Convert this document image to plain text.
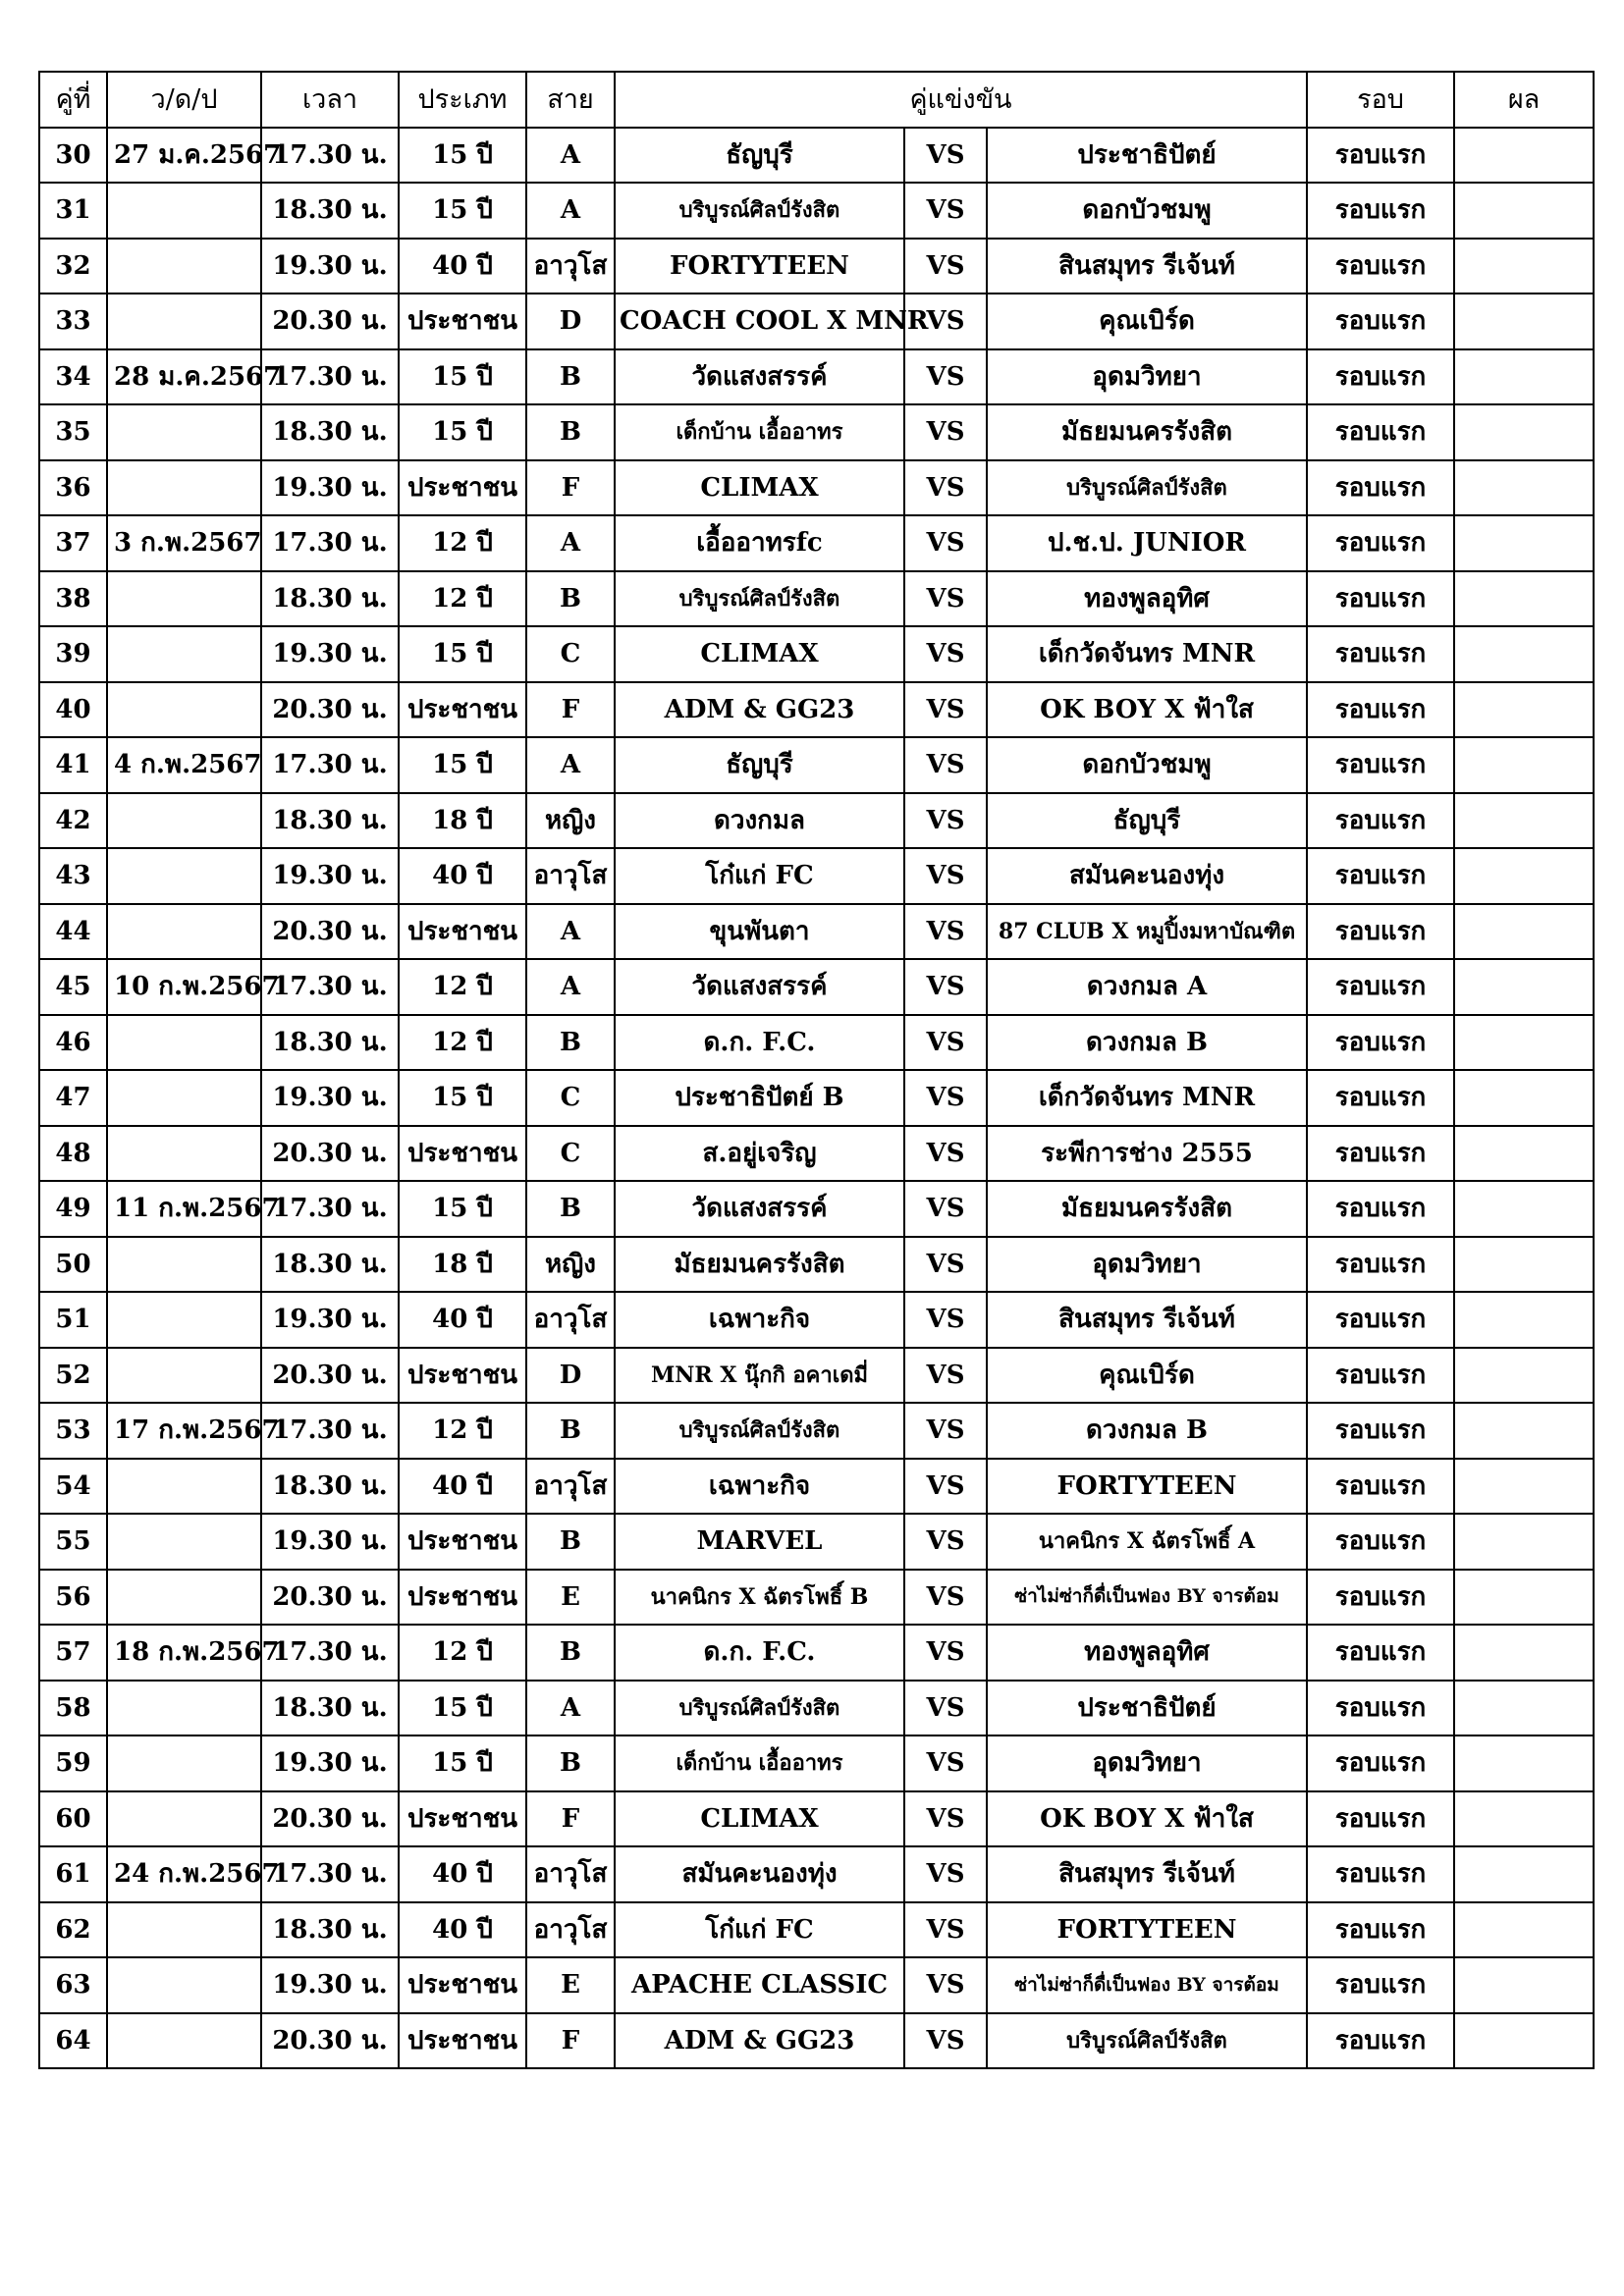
คู่ที่	ว/ด/ป	เวลา	ประเภท	สาย	คู่แข่งขัน			รอบ	ผล
30	27 ม.ค.2567	17.30 น.	15 ปี	A	ธัญบุรี	VS	ประชาธิปัตย์	รอบแรก	
31		18.30 น.	15 ปี	A	บริบูรณ์ศิลป์รังสิต	VS	ดอกบัวชมพู	รอบแรก	
32		19.30 น.	40 ปี	อาวุโส	FORTYTEEN	VS	สินสมุทร รีเจ้นท์	รอบแรก	
33		20.30 น.	ประชาชน	D	COACH COOL X MNR	VS	คุณเบิร์ด	รอบแรก	
34	28 ม.ค.2567	17.30 น.	15 ปี	B	วัดแสงสรรค์	VS	อุดมวิทยา	รอบแรก	
35		18.30 น.	15 ปี	B	เด็กบ้าน เอื้ออาทร	VS	มัธยมนครรังสิต	รอบแรก	
36		19.30 น.	ประชาชน	F	CLIMAX	VS	บริบูรณ์ศิลป์รังสิต	รอบแรก	
37	3 ก.พ.2567	17.30 น.	12 ปี	A	เอื้ออาทรfc	VS	ป.ช.ป. JUNIOR	รอบแรก	
38		18.30 น.	12 ปี	B	บริบูรณ์ศิลป์รังสิต	VS	ทองพูลอุทิศ	รอบแรก	
39		19.30 น.	15 ปี	C	CLIMAX	VS	เด็กวัดจันทร MNR	รอบแรก	
40		20.30 น.	ประชาชน	F	ADM & GG23	VS	OK BOY X ฟ้าใส	รอบแรก	
41	4 ก.พ.2567	17.30 น.	15 ปี	A	ธัญบุรี	VS	ดอกบัวชมพู	รอบแรก	
42		18.30 น.	18 ปี	หญิง	ดวงกมล	VS	ธัญบุรี	รอบแรก	
43		19.30 น.	40 ปี	อาวุโส	โก๋แก่ FC	VS	สมันคะนองทุ่ง	รอบแรก	
44		20.30 น.	ประชาชน	A	ขุนพันตา	VS	87 CLUB X หมูปิ้งมหาบัณฑิต	รอบแรก	
45	10 ก.พ.2567	17.30 น.	12 ปี	A	วัดแสงสรรค์	VS	ดวงกมล A	รอบแรก	
46		18.30 น.	12 ปี	B	ด.ก. F.C.	VS	ดวงกมล B	รอบแรก	
47		19.30 น.	15 ปี	C	ประชาธิปัตย์ B	VS	เด็กวัดจันทร MNR	รอบแรก	
48		20.30 น.	ประชาชน	C	ส.อยู่เจริญ	VS	ระพีการช่าง 2555	รอบแรก	
49	11 ก.พ.2567	17.30 น.	15 ปี	B	วัดแสงสรรค์	VS	มัธยมนครรังสิต	รอบแรก	
50		18.30 น.	18 ปี	หญิง	มัธยมนครรังสิต	VS	อุดมวิทยา	รอบแรก	
51		19.30 น.	40 ปี	อาวุโส	เฉพาะกิจ	VS	สินสมุทร รีเจ้นท์	รอบแรก	
52		20.30 น.	ประชาชน	D	MNR X นุ๊กกิ อคาเดมี่	VS	คุณเบิร์ด	รอบแรก	
53	17 ก.พ.2567	17.30 น.	12 ปี	B	บริบูรณ์ศิลป์รังสิต	VS	ดวงกมล B	รอบแรก	
54		18.30 น.	40 ปี	อาวุโส	เฉพาะกิจ	VS	FORTYTEEN	รอบแรก	
55		19.30 น.	ประชาชน	B	MARVEL	VS	นาคนิกร X ฉัตรโพธิ์ A	รอบแรก	
56		20.30 น.	ประชาชน	E	นาคนิกร X ฉัตรโพธิ์ B	VS	ซ่าไม่ซ่าก็ดื่เป็นฟอง BY จารต้อม	รอบแรก	
57	18 ก.พ.2567	17.30 น.	12 ปี	B	ด.ก. F.C.	VS	ทองพูลอุทิศ	รอบแรก	
58		18.30 น.	15 ปี	A	บริบูรณ์ศิลป์รังสิต	VS	ประชาธิปัตย์	รอบแรก	
59		19.30 น.	15 ปี	B	เด็กบ้าน เอื้ออาทร	VS	อุดมวิทยา	รอบแรก	
60		20.30 น.	ประชาชน	F	CLIMAX	VS	OK BOY X ฟ้าใส	รอบแรก	
61	24 ก.พ.2567	17.30 น.	40 ปี	อาวุโส	สมันคะนองทุ่ง	VS	สินสมุทร รีเจ้นท์	รอบแรก	
62		18.30 น.	40 ปี	อาวุโส	โก๋แก่ FC	VS	FORTYTEEN	รอบแรก	
63		19.30 น.	ประชาชน	E	APACHE CLASSIC	VS	ซ่าไม่ซ่าก็ดื่เป็นฟอง BY จารต้อม	รอบแรก	
64		20.30 น.	ประชาชน	F	ADM & GG23	VS	บริบูรณ์ศิลป์รังสิต	รอบแรก	
